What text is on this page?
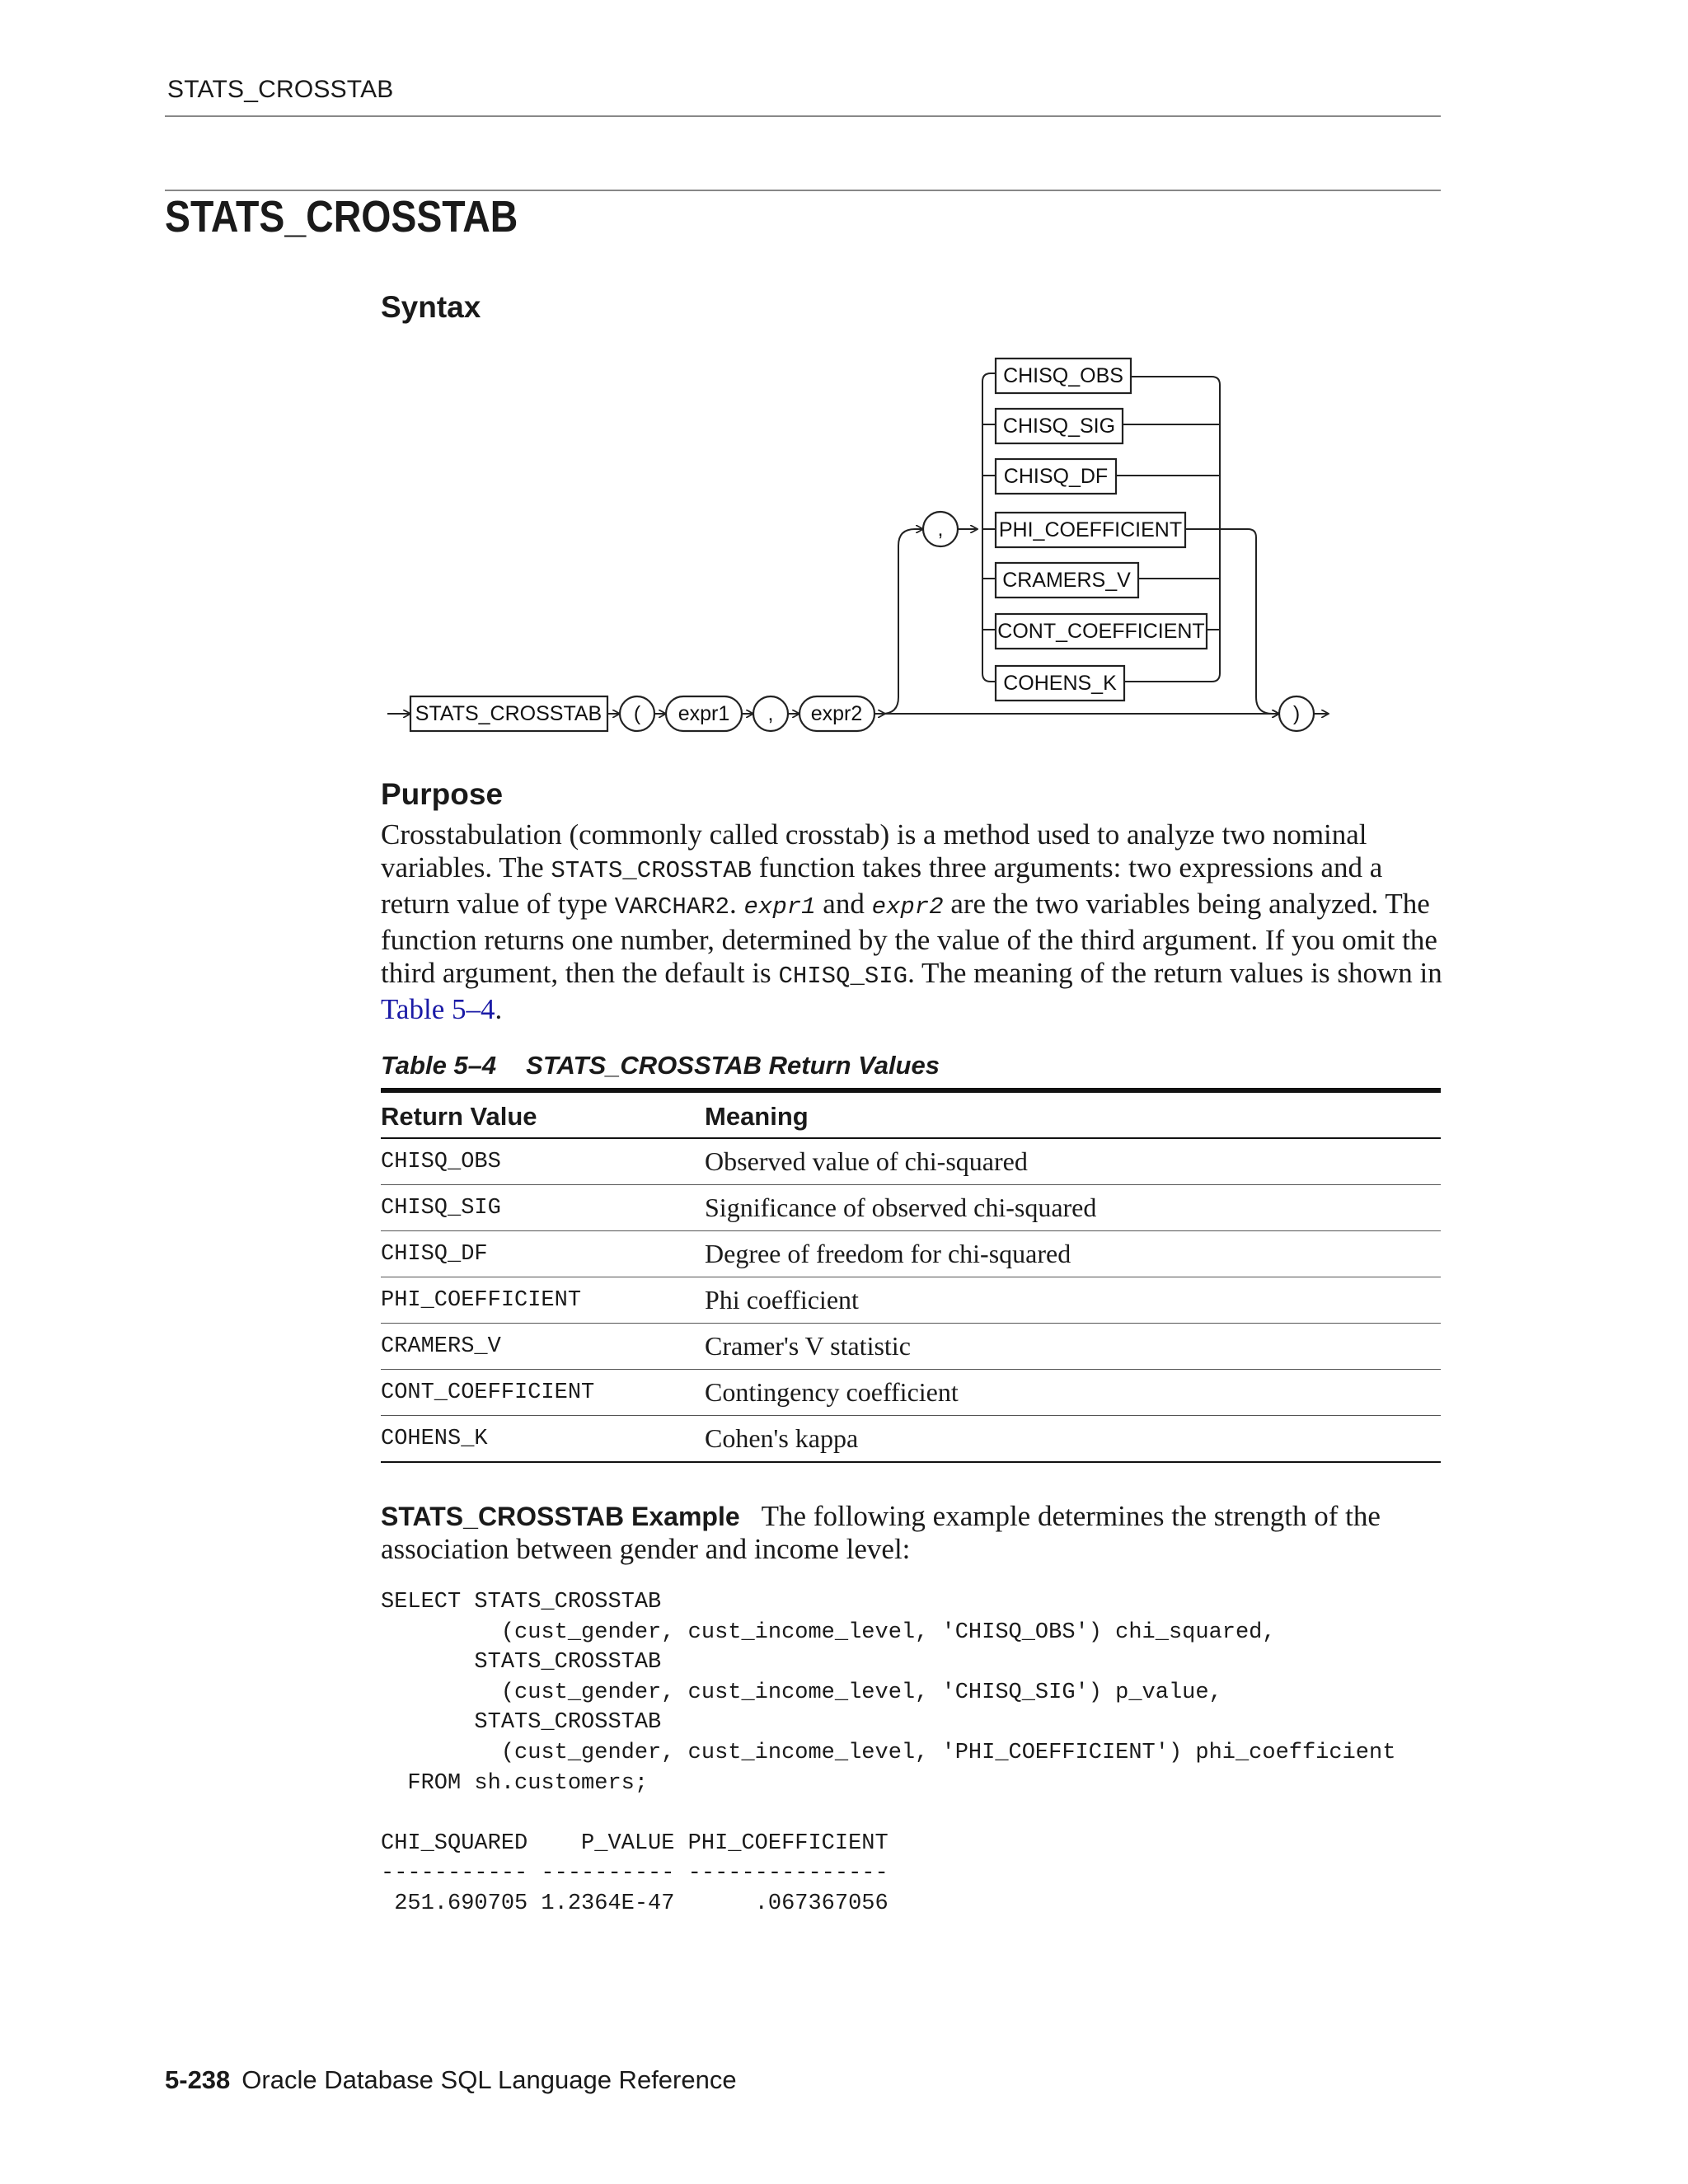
STATS_CROSSTAB
STATS_CROSSTAB
Syntax
STATS_CROSSTAB ( expr1 , expr2
,
)
CHISQ_OBS
CHISQ_SIG
CHISQ_DF
PHI_COEFFICIENT
CRAMERS_V
CONT_COEFFICIENT
COHENS_K
Purpose

Crosstabulation (commonly called crosstab) is a method used to analyze two nominal variables. The STATS_CROSSTAB function takes three arguments: two expressions and a return value of type VARCHAR2. expr1 and expr2 are the two variables being analyzed. The function returns one number, determined by the value of the third argument. If you omit the third argument, then the default is CHISQ_SIG. The meaning of the return values is shown in Table 5–4.

Table 5–4 STATS_CROSSTAB Return Values
Return Value	Meaning
CHISQ_OBS	Observed value of chi-squared
CHISQ_SIG	Significance of observed chi-squared
CHISQ_DF	Degree of freedom for chi-squared
PHI_COEFFICIENT	Phi coefficient
CRAMERS_V	Cramer's V statistic
CONT_COEFFICIENT	Contingency coefficient
COHENS_K	Cohen's kappa

STATS_CROSSTAB Example The following example determines the strength of the association between gender and income level:

SELECT STATS_CROSSTAB
(cust_gender, cust_income_level, 'CHISQ_OBS') chi_squared,
STATS_CROSSTAB
(cust_gender, cust_income_level, 'CHISQ_SIG') p_value,
STATS_CROSSTAB
(cust_gender, cust_income_level, 'PHI_COEFFICIENT') phi_coefficient
FROM sh.customers;

CHI_SQUARED    P_VALUE PHI_COEFFICIENT
----------- ---------- ---------------
251.690705 1.2364E-47      .067367056
5-238 Oracle Database SQL Language Reference
